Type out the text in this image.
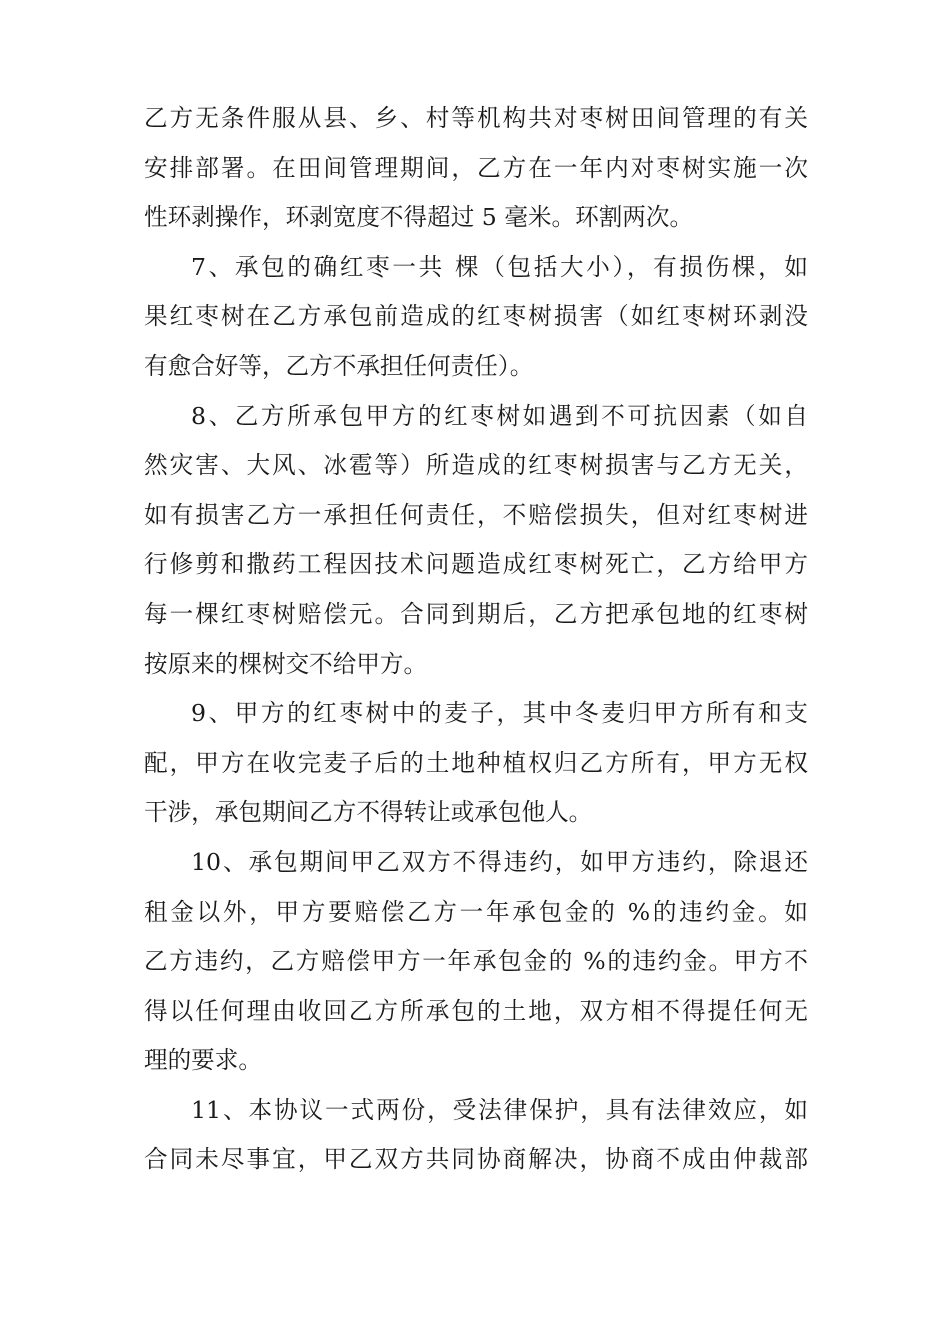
乙方无条件服从县、乡、村等机构共对枣树田间管理的有关
安排部署。在田间管理期间，乙方在一年内对枣树实施一次
性环剥操作，环剥宽度不得超过 5 毫米。环割两次。
7、承包的确红枣一共 棵（包括大小），有损伤棵，如
果红枣树在乙方承包前造成的红枣树损害（如红枣树环剥没
有愈合好等，乙方不承担任何责任）。
8、乙方所承包甲方的红枣树如遇到不可抗因素（如自
然灾害、大风、冰雹等）所造成的红枣树损害与乙方无关，
如有损害乙方一承担任何责任，不赔偿损失，但对红枣树进
行修剪和撒药工程因技术问题造成红枣树死亡，乙方给甲方
每一棵红枣树赔偿元。合同到期后，乙方把承包地的红枣树
按原来的棵树交不给甲方。
9、甲方的红枣树中的麦子，其中冬麦归甲方所有和支
配，甲方在收完麦子后的土地种植权归乙方所有，甲方无权
干涉，承包期间乙方不得转让或承包他人。
10、承包期间甲乙双方不得违约，如甲方违约，除退还
租金以外，甲方要赔偿乙方一年承包金的 %的违约金。如
乙方违约，乙方赔偿甲方一年承包金的 %的违约金。甲方不
得以任何理由收回乙方所承包的土地，双方相不得提任何无
理的要求。
11、本协议一式两份，受法律保护，具有法律效应，如
合同未尽事宜，甲乙双方共同协商解决，协商不成由仲裁部
